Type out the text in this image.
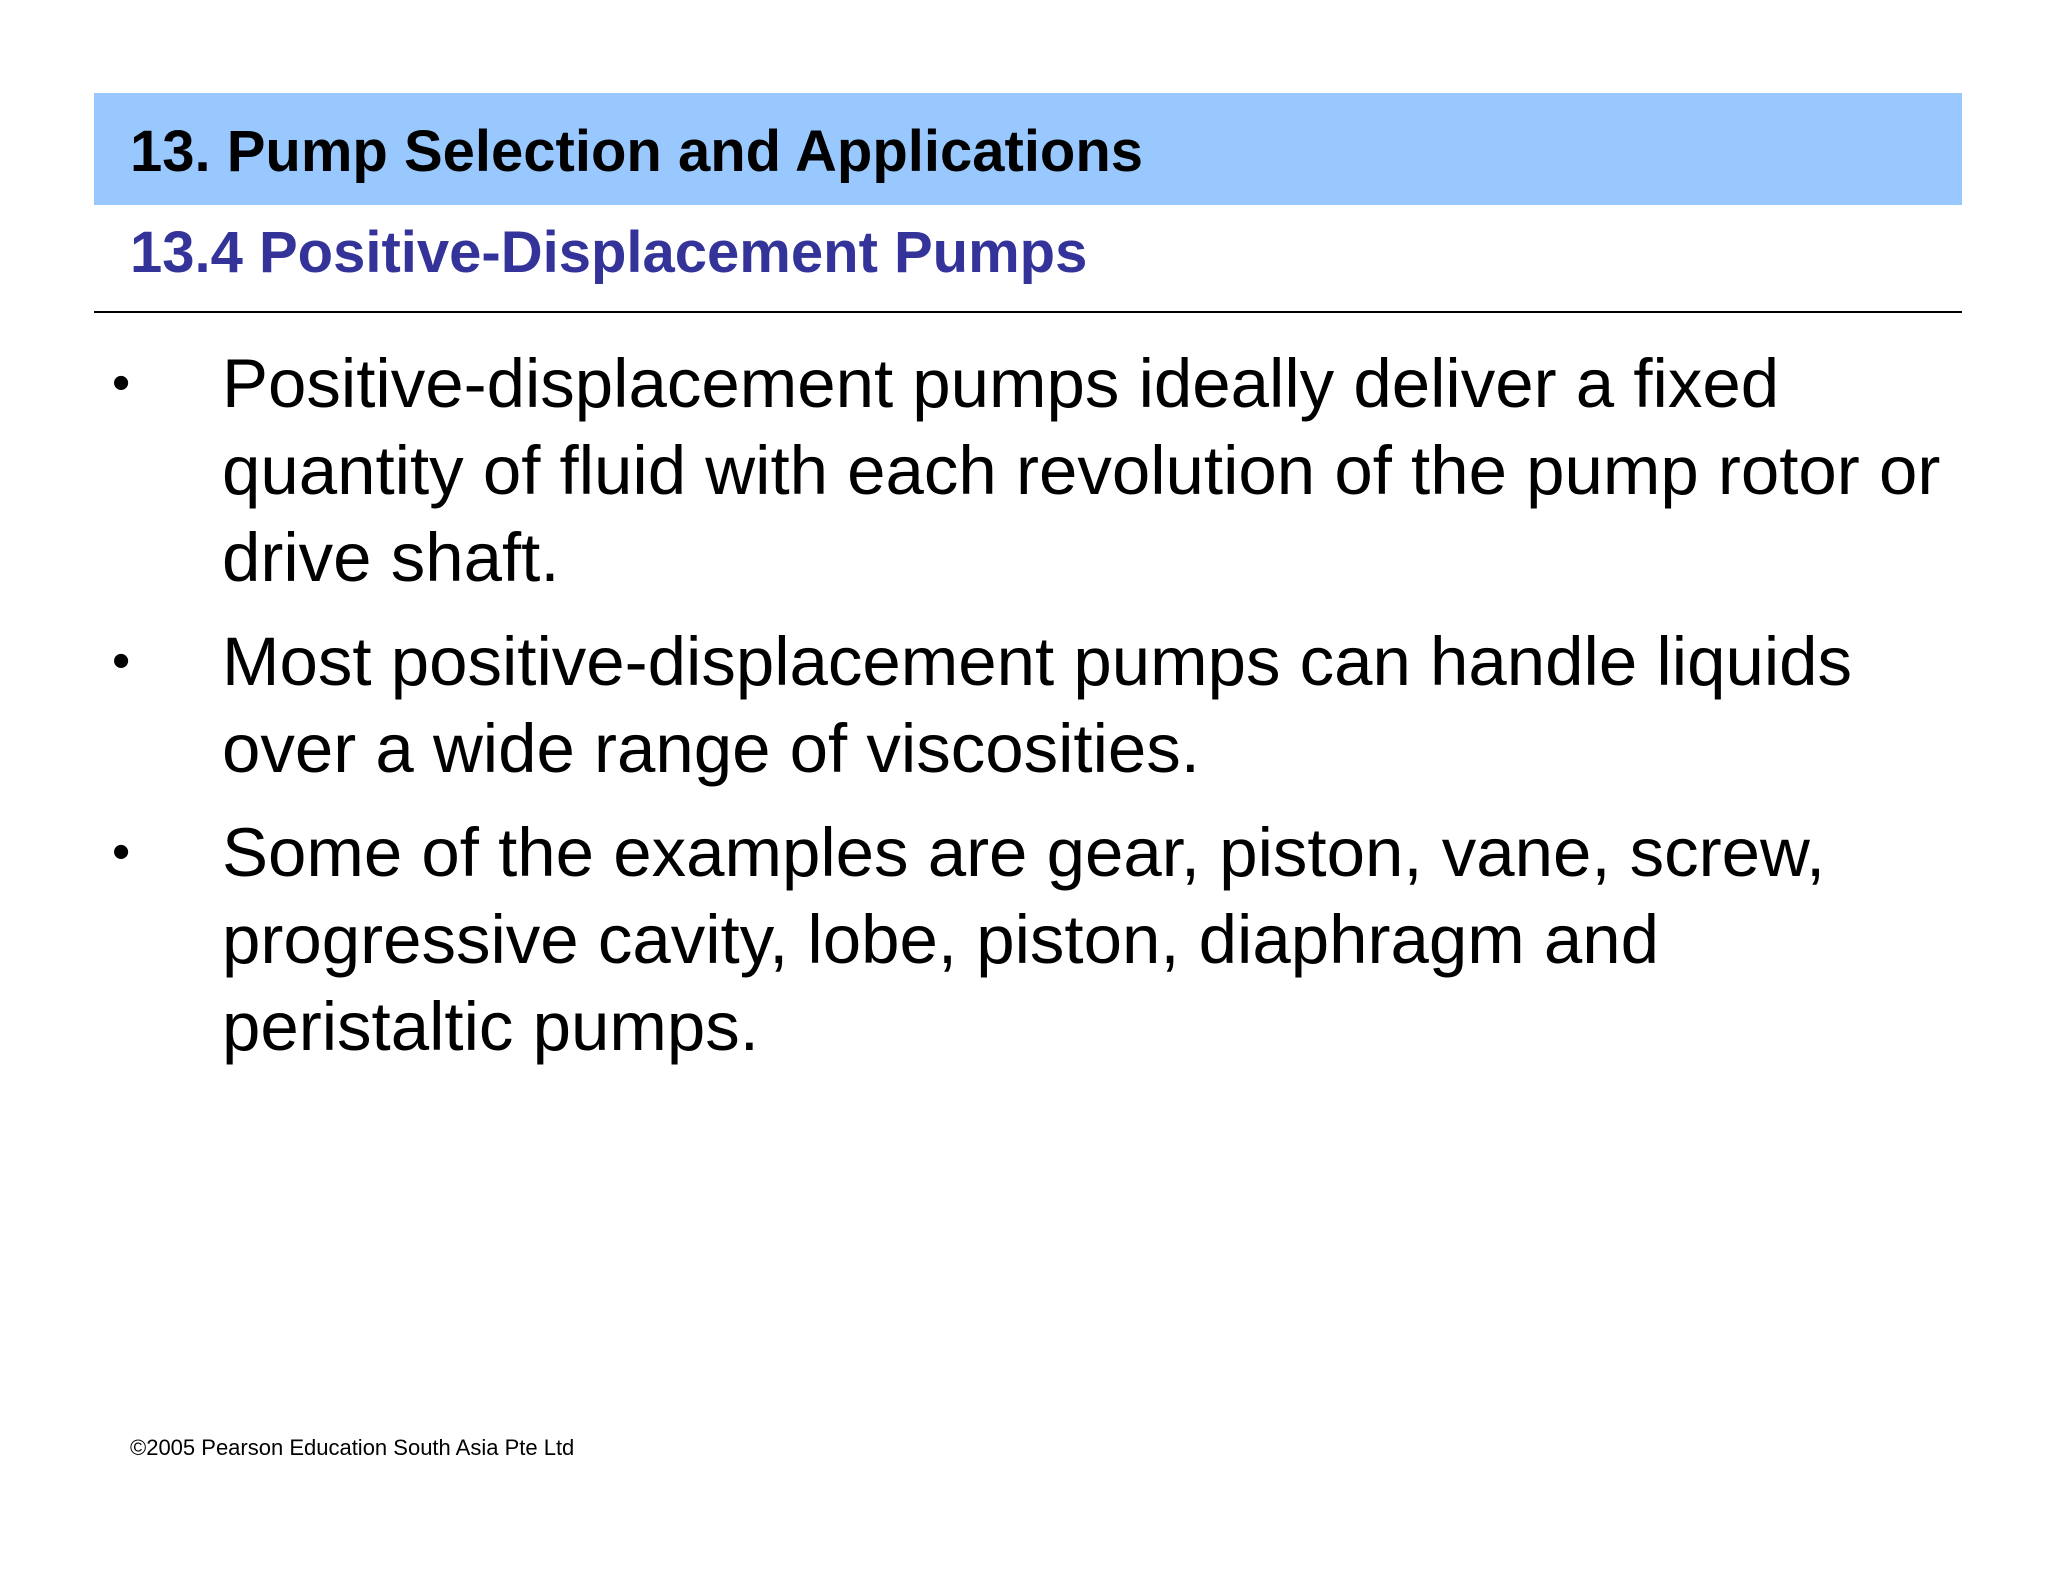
13. Pump Selection and Applications
13.4 Positive-Displacement Pumps
• Positive-displacement pumps ideally deliver a fixed quantity of fluid with each revolution of the pump rotor or drive shaft.
• Most positive-displacement pumps can handle liquids over a wide range of viscosities.
• Some of the examples are gear, piston, vane, screw, progressive cavity, lobe, piston, diaphragm and peristaltic pumps.
©2005 Pearson Education South Asia Pte Ltd
